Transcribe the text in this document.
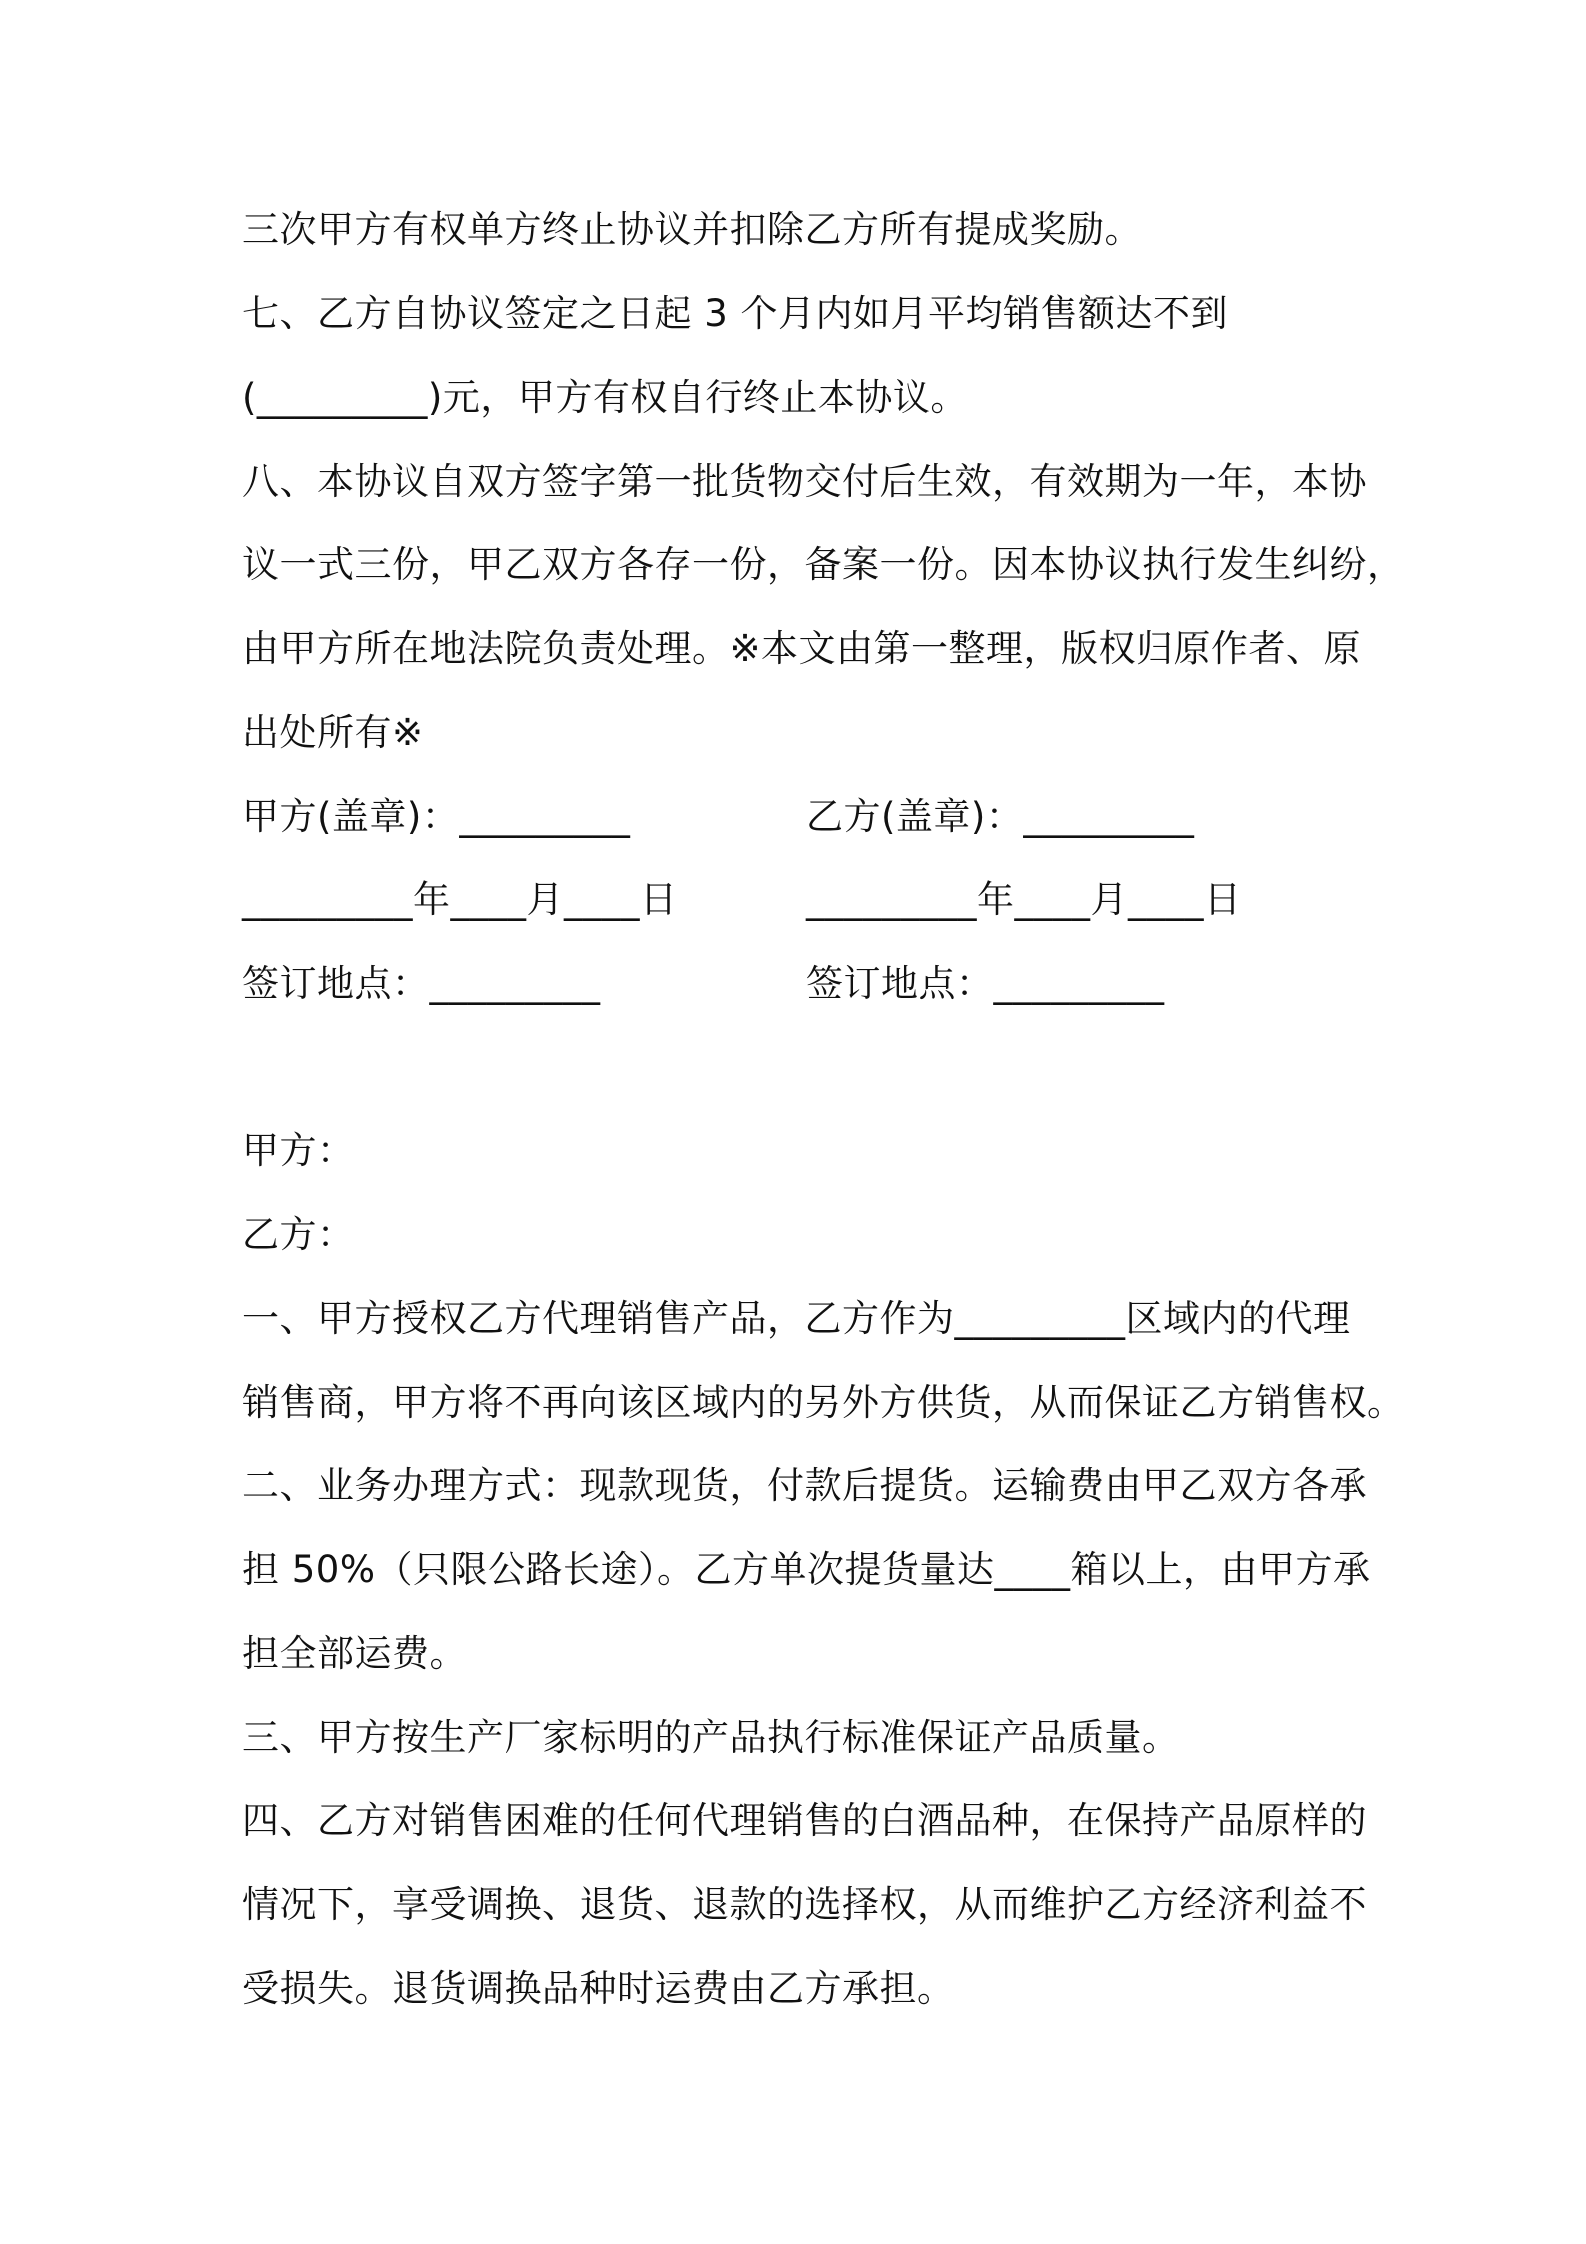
三次甲方有权单方终止协议并扣除乙方所有提成奖励。

七、乙方自协议签定之日起 3 个月内如月平均销售额达不到

(_________)元，甲方有权自行终止本协议。

八、本协议自双方签字第一批货物交付后生效，有效期为一年，本协

议一式三份，甲乙双方各存一份，备案一份。因本协议执行发生纠纷，

由甲方所在地法院负责处理。※本文由第一整理，版权归原作者、原

出处所有※

甲方(盖章)：_________	乙方(盖章)：_________

_________年____月____日	_________年____月____日

签订地点：_________	签订地点：_________

甲方：

乙方：

一、甲方授权乙方代理销售产品，乙方作为_________区域内的代理

销售商，甲方将不再向该区域内的另外方供货，从而保证乙方销售权。

二、业务办理方式：现款现货，付款后提货。运输费由甲乙双方各承

担 50%（只限公路长途）。乙方单次提货量达____箱以上，由甲方承

担全部运费。

三、甲方按生产厂家标明的产品执行标准保证产品质量。

四、乙方对销售困难的任何代理销售的白酒品种，在保持产品原样的

情况下，享受调换、退货、退款的选择权，从而维护乙方经济利益不

受损失。退货调换品种时运费由乙方承担。
